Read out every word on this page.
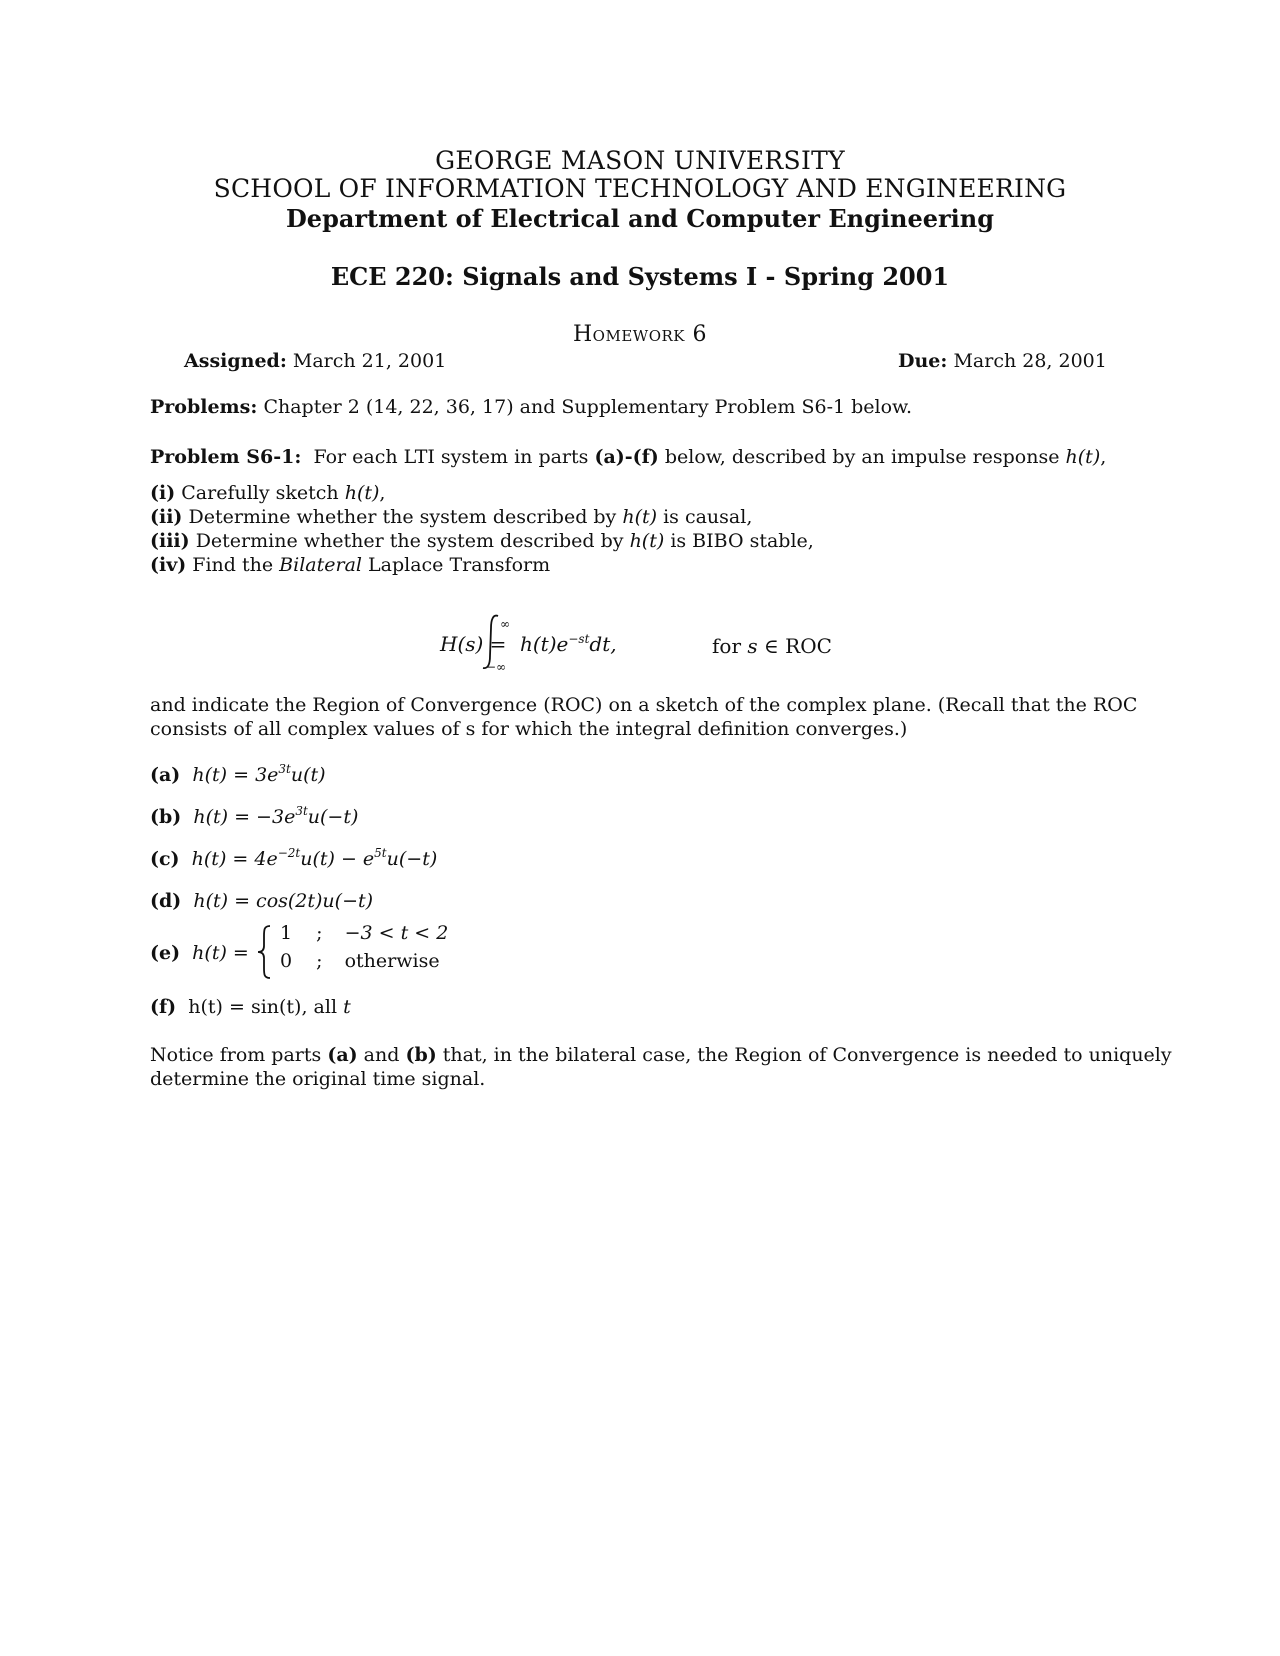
GEORGE MASON UNIVERSITY
SCHOOL OF INFORMATION TECHNOLOGY AND ENGINEERING
Department of Electrical and Computer Engineering
ECE 220: Signals and Systems I - Spring 2001
Homework 6
Assigned: March 21, 2001	Due: March 28, 2001
Problems: Chapter 2 (14, 22, 36, 17) and Supplementary Problem S6-1 below.
Problem S6-1: For each LTI system in parts (a)-(f) below, described by an impulse response h(t),
(i) Carefully sketch h(t),
(ii) Determine whether the system described by h(t) is causal,
(iii) Determine whether the system described by h(t) is BIBO stable,
(iv) Find the Bilateral Laplace Transform
H(s) =
∞
−∞
$h(t)e^{-st}dt$,	for s ∈ ROC
and indicate the Region of Convergence (ROC) on a sketch of the complex plane. (Recall that the ROC
consists of all complex values of s for which the integral definition converges.)
(a) $h(t) = 3e^{3t}u(t)$
(b) $h(t) = -3e^{3t}u(-t)$
(c) $h(t) = 4e^{-2t}u(t) - e^{5t}u(-t)$
(d) h(t) = cos(2t)u(−t)
(e) h(t) =
1 ; −3 < t < 2
0 ; otherwise
(f) h(t) = sin(t), all t
Notice from parts (a) and (b) that, in the bilateral case, the Region of Convergence is needed to uniquely
determine the original time signal.
